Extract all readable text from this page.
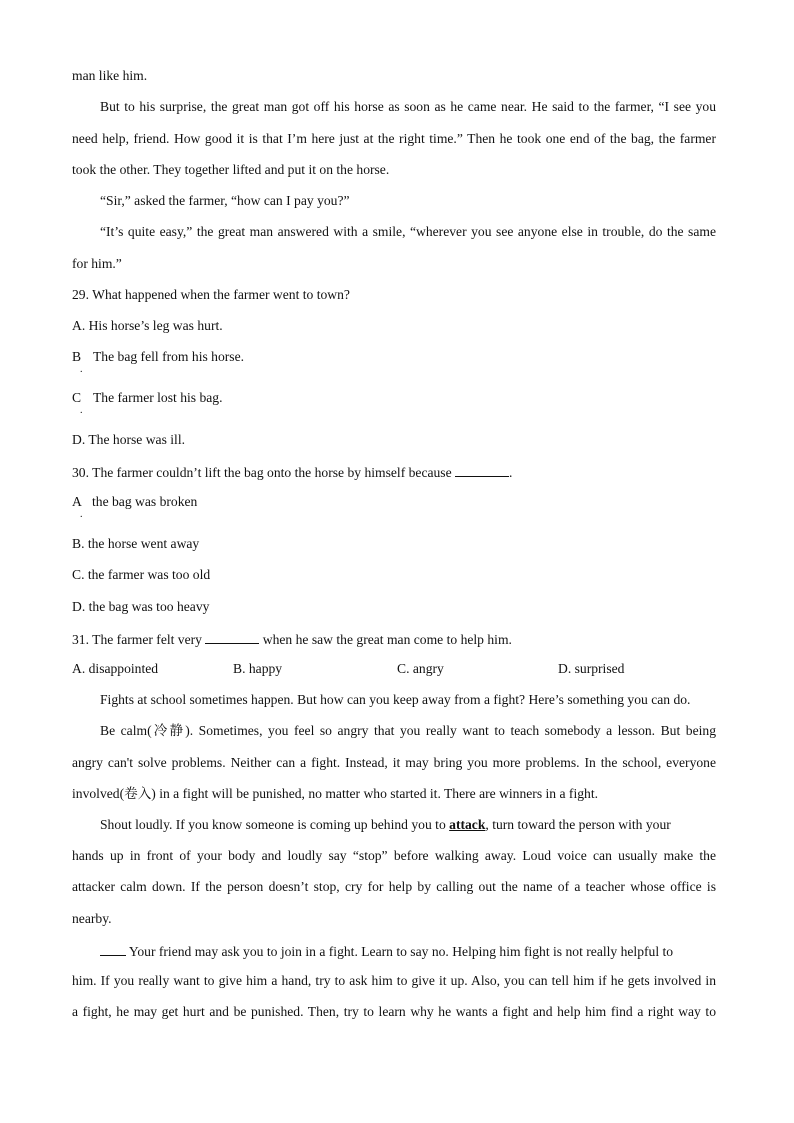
man like him.
But to his surprise, the great man got off his horse as soon as he came near. He said to the farmer, “I see you
need help, friend. How good it is that I’m here just at the right time.” Then he took one end of the bag, the farmer
took the other. They together lifted and put it on the horse.
“Sir,” asked the farmer, “how can I pay you?”
“It’s quite easy,” the great man answered with a smile, “wherever you see anyone else in trouble, do the same
for him.”
29. What happened when the farmer went to town?
A. His horse’s leg was hurt.
B The bag fell from his horse.
.
C The farmer lost his bag.
.
D. The horse was ill.
30. The farmer couldn’t lift the bag onto the horse by himself because	.
A the bag was broken
.
B. the horse went away
C. the farmer was too old
D. the bag was too heavy
31. The farmer felt very	when he saw the great man come to help him.
A. disappointed	B. happy	C. angry	D. surprised
Fights at school sometimes happen. But how can you keep away from a fight? Here’s something you can do.
Be calm(冷静). Sometimes, you feel so angry that you really want to teach somebody a lesson. But being
angry can't solve problems. Neither can a fight. Instead, it may bring you more problems. In the school, everyone
involved(卷入) in a fight will be punished, no matter who started it. There are winners in a fight.
Shout loudly. If you know someone is coming up behind you to attack, turn toward the person with your
hands up in front of your body and loudly say “stop” before walking away. Loud voice can usually make the
attacker calm down. If the person doesn’t stop, cry for help by calling out the name of a teacher whose office is
nearby.
Your friend may ask you to join in a fight. Learn to say no. Helping him fight is not really helpful to
him. If you really want to give him a hand, try to ask him to give it up. Also, you can tell him if he gets involved in
a fight, he may get hurt and be punished. Then, try to learn why he wants a fight and help him find a right way to
